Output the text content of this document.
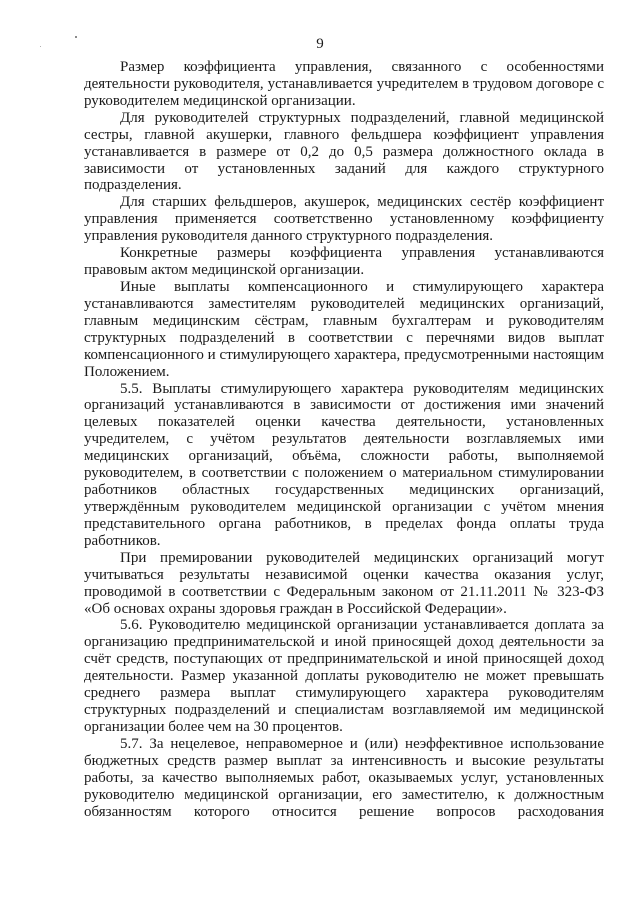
9

Размер коэффициента управления, связанного с особенностями деятельности руководителя, устанавливается учредителем в трудовом договоре с руководителем медицинской организации.

Для руководителей структурных подразделений, главной медицинской сестры, главной акушерки, главного фельдшера коэффициент управления устанавливается в размере от 0,2 до 0,5 размера должностного оклада в зависимости от установленных заданий для каждого структурного подразделения.

Для старших фельдшеров, акушерок, медицинских сестёр коэффициент управления применяется соответственно установленному коэффициенту управления руководителя данного структурного подразделения.

Конкретные размеры коэффициента управления устанавливаются правовым актом медицинской организации.

Иные выплаты компенсационного и стимулирующего характера устанавливаются заместителям руководителей медицинских организаций, главным медицинским сёстрам, главным бухгалтерам и руководителям структурных подразделений в соответствии с перечнями видов выплат компенсационного и стимулирующего характера, предусмотренными настоящим Положением.

5.5. Выплаты стимулирующего характера руководителям медицинских организаций устанавливаются в зависимости от достижения ими значений целевых показателей оценки качества деятельности, установленных учредителем, с учётом результатов деятельности возглавляемых ими медицинских организаций, объёма, сложности работы, выполняемой руководителем, в соответствии с положением о материальном стимулировании работников областных государственных медицинских организаций, утверждённым руководителем медицинской организации с учётом мнения представительного органа работников, в пределах фонда оплаты труда работников.

При премировании руководителей медицинских организаций могут учитываться результаты независимой оценки качества оказания услуг, проводимой в соответствии с Федеральным законом от 21.11.2011 № 323-ФЗ «Об основах охраны здоровья граждан в Российской Федерации».

5.6. Руководителю медицинской организации устанавливается доплата за организацию предпринимательской и иной приносящей доход деятельности за счёт средств, поступающих от предпринимательской и иной приносящей доход деятельности. Размер указанной доплаты руководителю не может превышать среднего размера выплат стимулирующего характера руководителям структурных подразделений и специалистам возглавляемой им медицинской организации более чем на 30 процентов.

5.7. За нецелевое, неправомерное и (или) неэффективное использование бюджетных средств размер выплат за интенсивность и высокие результаты работы, за качество выполняемых работ, оказываемых услуг, установленных руководителю медицинской организации, его заместителю, к должностным обязанностям которого относится решение вопросов расходования
